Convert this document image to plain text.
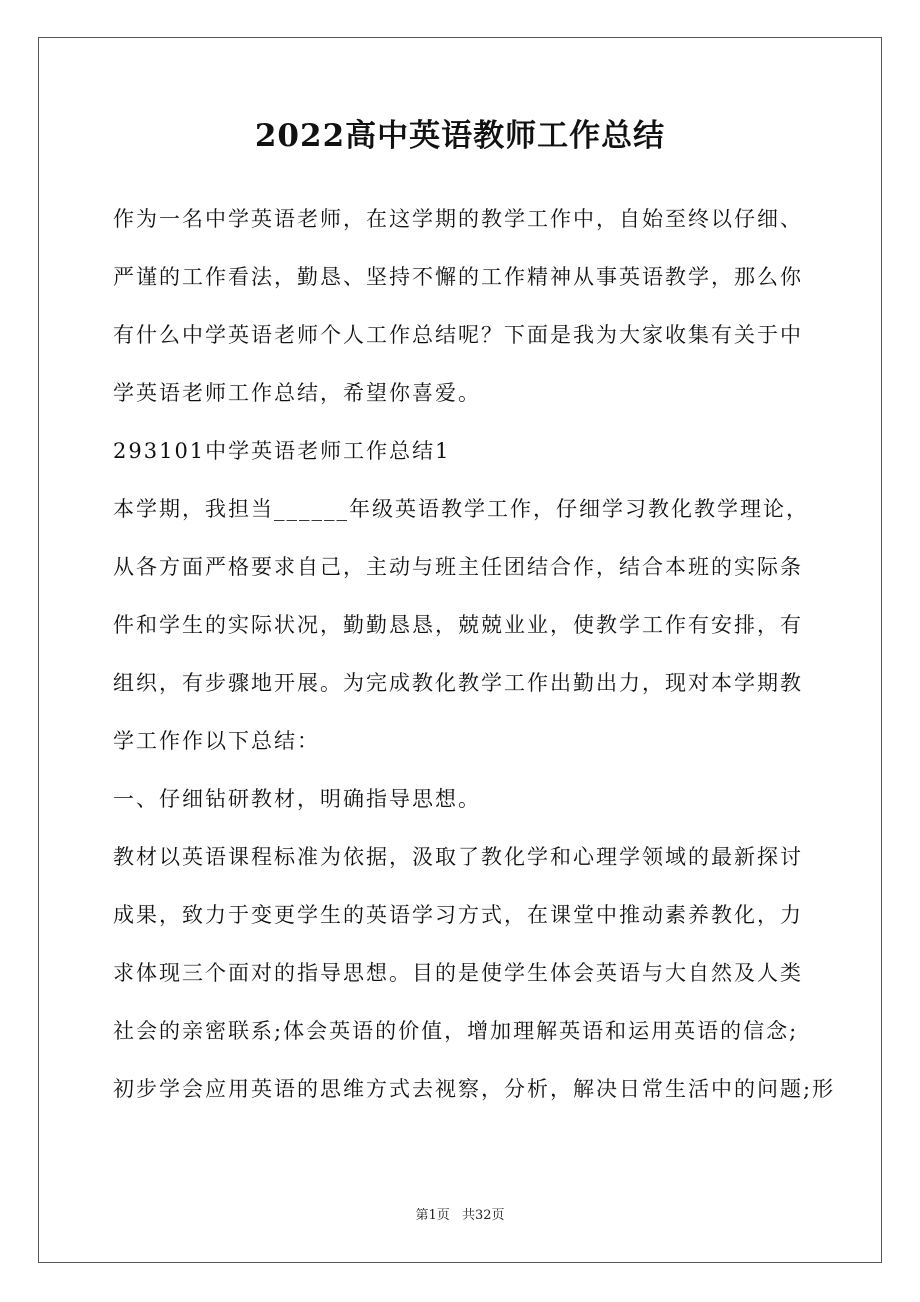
2022高中英语教师工作总结
作为一名中学英语老师，在这学期的教学工作中，自始至终以仔细、
严谨的工作看法，勤恳、坚持不懈的工作精神从事英语教学，那么你
有什么中学英语老师个人工作总结呢？下面是我为大家收集有关于中
学英语老师工作总结，希望你喜爱。
293101中学英语老师工作总结1
本学期，我担当______年级英语教学工作，仔细学习教化教学理论，
从各方面严格要求自己，主动与班主任团结合作，结合本班的实际条
件和学生的实际状况，勤勤恳恳，兢兢业业，使教学工作有安排，有
组织，有步骤地开展。为完成教化教学工作出勤出力，现对本学期教
学工作作以下总结：
一、仔细钻研教材，明确指导思想。
教材以英语课程标准为依据，汲取了教化学和心理学领域的最新探讨
成果，致力于变更学生的英语学习方式，在课堂中推动素养教化，力
求体现三个面对的指导思想。目的是使学生体会英语与大自然及人类
社会的亲密联系;体会英语的价值，增加理解英语和运用英语的信念;
初步学会应用英语的思维方式去视察，分析，解决日常生活中的问题;形
第1页 共32页
